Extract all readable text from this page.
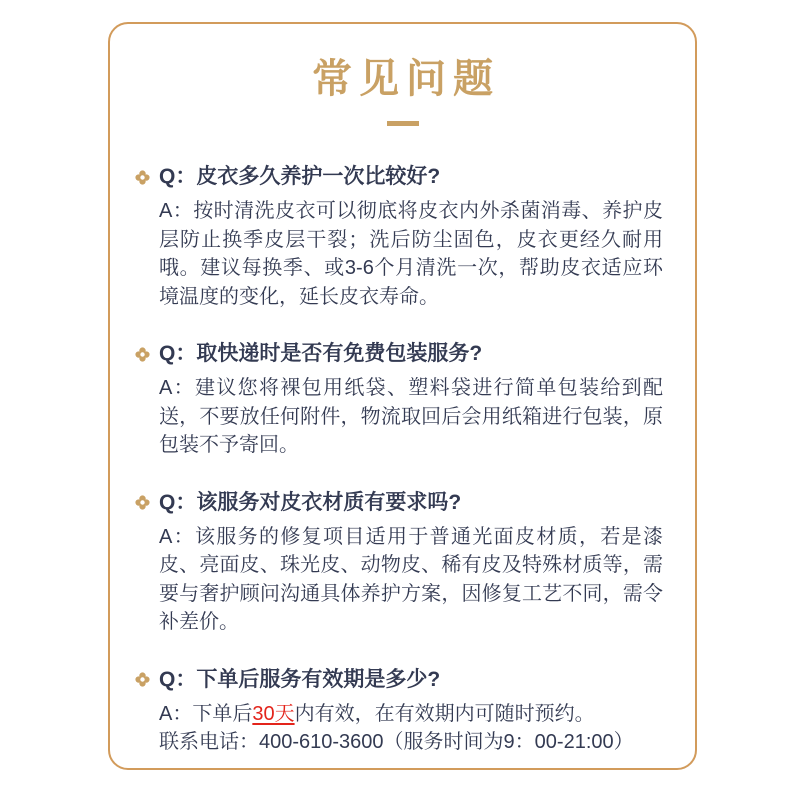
常见问题
Q：皮衣多久养护一次比较好?

A：按时清洗皮衣可以彻底将皮衣内外杀菌消毒、养护皮层防止换季皮层干裂；洗后防尘固色，皮衣更经久耐用哦。建议每换季、或3-6个月清洗一次，帮助皮衣适应环境温度的变化，延长皮衣寿命。

Q：取快递时是否有免费包装服务?

A：建议您将裸包用纸袋、塑料袋进行简单包装给到配送，不要放任何附件，物流取回后会用纸箱进行包装，原包装不予寄回。

Q：该服务对皮衣材质有要求吗?

A：该服务的修复项目适用于普通光面皮材质，若是漆皮、亮面皮、珠光皮、动物皮、稀有皮及特殊材质等，需要与奢护顾问沟通具体养护方案，因修复工艺不同，需令补差价。

Q：下单后服务有效期是多少?

A：下单后30天内有效，在有效期内可随时预约。

联系电话：400-610-3600（服务时间为9：00-21:00）
